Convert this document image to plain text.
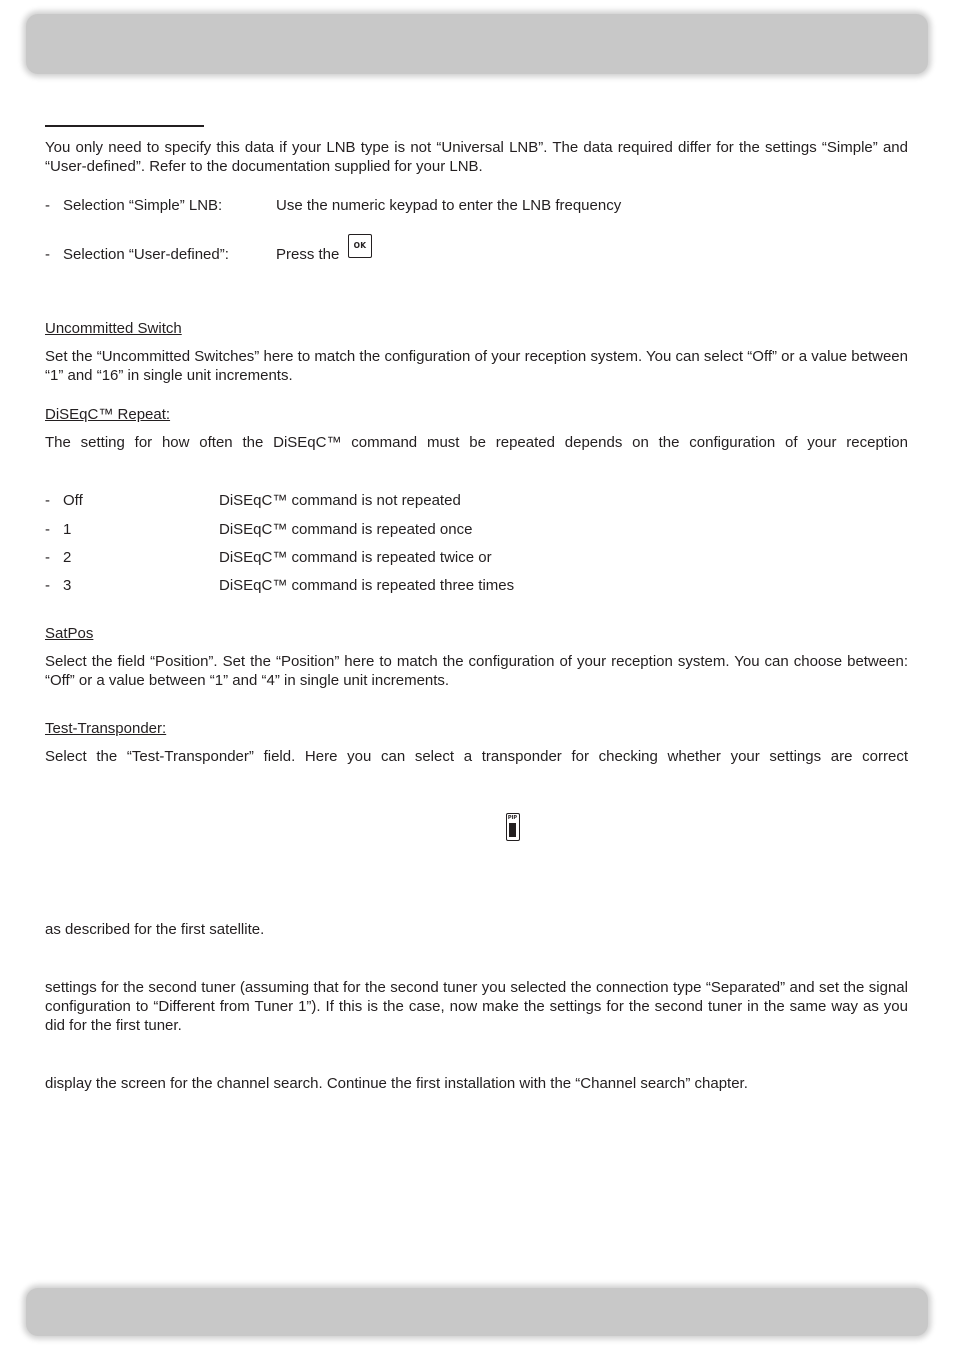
You only need to specify this data if your LNB type is not “Universal LNB”. The data required differ for the settings “Simple” and “User-defined”. Refer to the documentation supplied for your LNB.
- Selection “Simple” LNB:	Use the numeric keypad to enter the LNB frequency
- Selection “User-defined”:	Press the
OK
Uncommitted Switch
Set the “Uncommitted Switches” here to match the configuration of your reception system. You can select “Off” or a value between “1” and “16” in single unit increments.
DiSEqC™ Repeat:
The setting for how often the DiSEqC™ command must be repeated depends on the configuration of your reception
- Off	DiSEqC™ command is not repeated
- 1	DiSEqC™ command is repeated once
- 2	DiSEqC™ command is repeated twice or
- 3	DiSEqC™ command is repeated three times
SatPos
Select the field “Position”. Set the “Position” here to match the configuration of your reception system. You can choose between: “Off” or a value between “1” and “4” in single unit increments.
Test-Transponder:
Select the “Test-Transponder” field. Here you can select a transponder for checking whether your settings are correct
PIP
as described for the first satellite.
settings for the second tuner (assuming that for the second tuner you selected the connection type “Separated” and set the signal configuration to “Different from Tuner 1”). If this is the case, now make the settings for the second tuner in the same way as you did for the first tuner.
display the screen for the channel search. Continue the first installation with the “Channel search” chapter.
